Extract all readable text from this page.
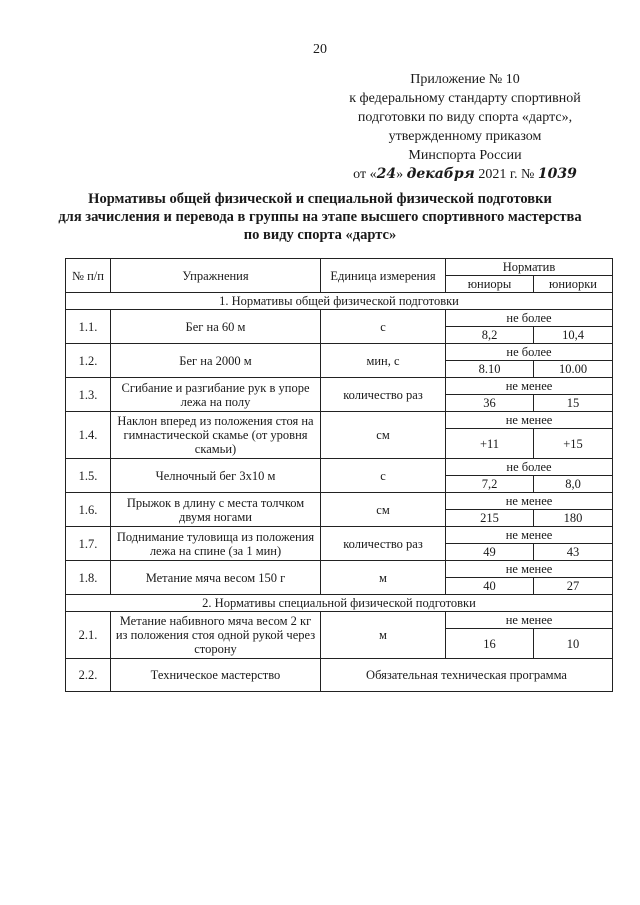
20
Приложение № 10
к федеральному стандарту спортивной
подготовки по виду спорта «дартс»,
утвержденному приказом
Минспорта России
от «24» декабря 2021 г. № 1039
Нормативы общей физической и специальной физической подготовки
для зачисления и перевода в группы на этапе высшего спортивного мастерства
по виду спорта «дартс»
№ п/п	Упражнения	Единица измерения	Норматив	
			юниоры	юниорки
1. Нормативы общей физической подготовки				
1.1.	Бег на 60 м	с	не более	
			8,2	10,4
1.2.	Бег на 2000 м	мин, с	не более	
			8.10	10.00
1.3.	Сгибание и разгибание рук в упоре лежа на полу	количество раз	не менее	
			36	15
1.4.	Наклон вперед из положения стоя на гимнастической скамье (от уровня скамьи)	см	не менее	
			+11	+15
1.5.	Челночный бег 3х10 м	с	не более	
			7,2	8,0
1.6.	Прыжок в длину с места толчком двумя ногами	см	не менее	
			215	180
1.7.	Поднимание туловища из положения лежа на спине (за 1 мин)	количество раз	не менее	
			49	43
1.8.	Метание мяча весом 150 г	м	не менее	
			40	27
2. Нормативы специальной физической подготовки				
2.1.	Метание набивного мяча весом 2 кг из положения стоя одной рукой через сторону	м	не менее	
			16	10
2.2.	Техническое мастерство	Обязательная техническая программа		
